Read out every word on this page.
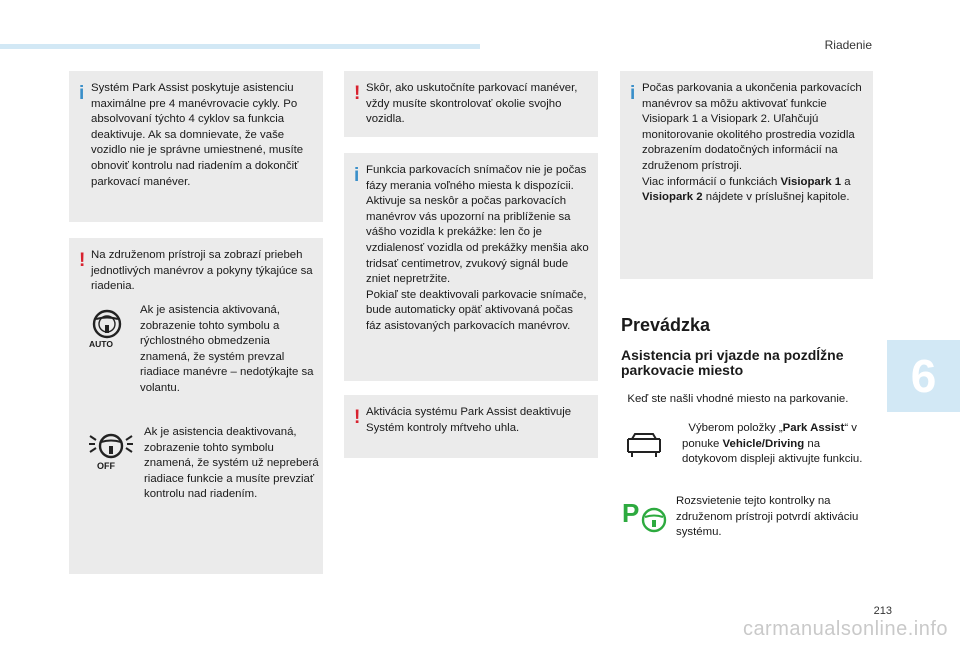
Riadenie
i Systém Park Assist poskytuje asistenciu maximálne pre 4 manévrovacie cykly. Po absolvovaní týchto 4 cyklov sa funkcia deaktivuje. Ak sa domnievate, že vaše vozidlo nie je správne umiestnené, musíte obnoviť kontrolu nad riadením a dokončiť parkovací manéver.

! Na združenom prístroji sa zobrazí priebeh jednotlivých manévrov a pokyny týkajúce sa riadenia.

AUTO

Ak je asistencia aktivovaná, zobrazenie tohto symbolu a rýchlostného obmedzenia znamená, že systém prevzal riadiace manévre – nedotýkajte sa volantu.

OFF

Ak je asistencia deaktivovaná, zobrazenie tohto symbolu znamená, že systém už nepreberá riadiace funkcie a musíte prevziať kontrolu nad riadením.

! Skôr, ako uskutočníte parkovací manéver, vždy musíte skontrolovať okolie svojho vozidla.

i Funkcia parkovacích snímačov nie je počas fázy merania voľného miesta k dispozícii. Aktivuje sa neskôr a počas parkovacích manévrov vás upozorní na priblíženie sa vášho vozidla k prekážke: len čo je vzdialenosť vozidla od prekážky menšia ako tridsať centimetrov, zvukový signál bude zniet nepretržite.
Pokiaľ ste deaktivovali parkovacie snímače, bude automaticky opäť aktivovaná počas fáz asistovaných parkovacích manévrov.

! Aktivácia systému Park Assist deaktivuje Systém kontroly mŕtveho uhla.

i Počas parkovania a ukončenia parkovacích manévrov sa môžu aktivovať funkcie Visiopark 1 a Visiopark 2. Uľahčujú monitorovanie okolitého prostredia vozidla zobrazením dodatočných informácií na združenom prístroji.
Viac informácií o funkciách Visiopark 1 a Visiopark 2 nájdete v príslušnej kapitole.

Prevádzka
Asistencia pri vjazde na pozdĺžne parkovacie miesto

Keď ste našli vhodné miesto na parkovanie.

Výberom položky „Park Assist“ v ponuke Vehicle/Driving na dotykovom displeji aktivujte funkciu.

P	Rozsvietenie tejto kontrolky na združenom prístroji potvrdí aktiváciu systému.

6
213
carmanualsonline.info
